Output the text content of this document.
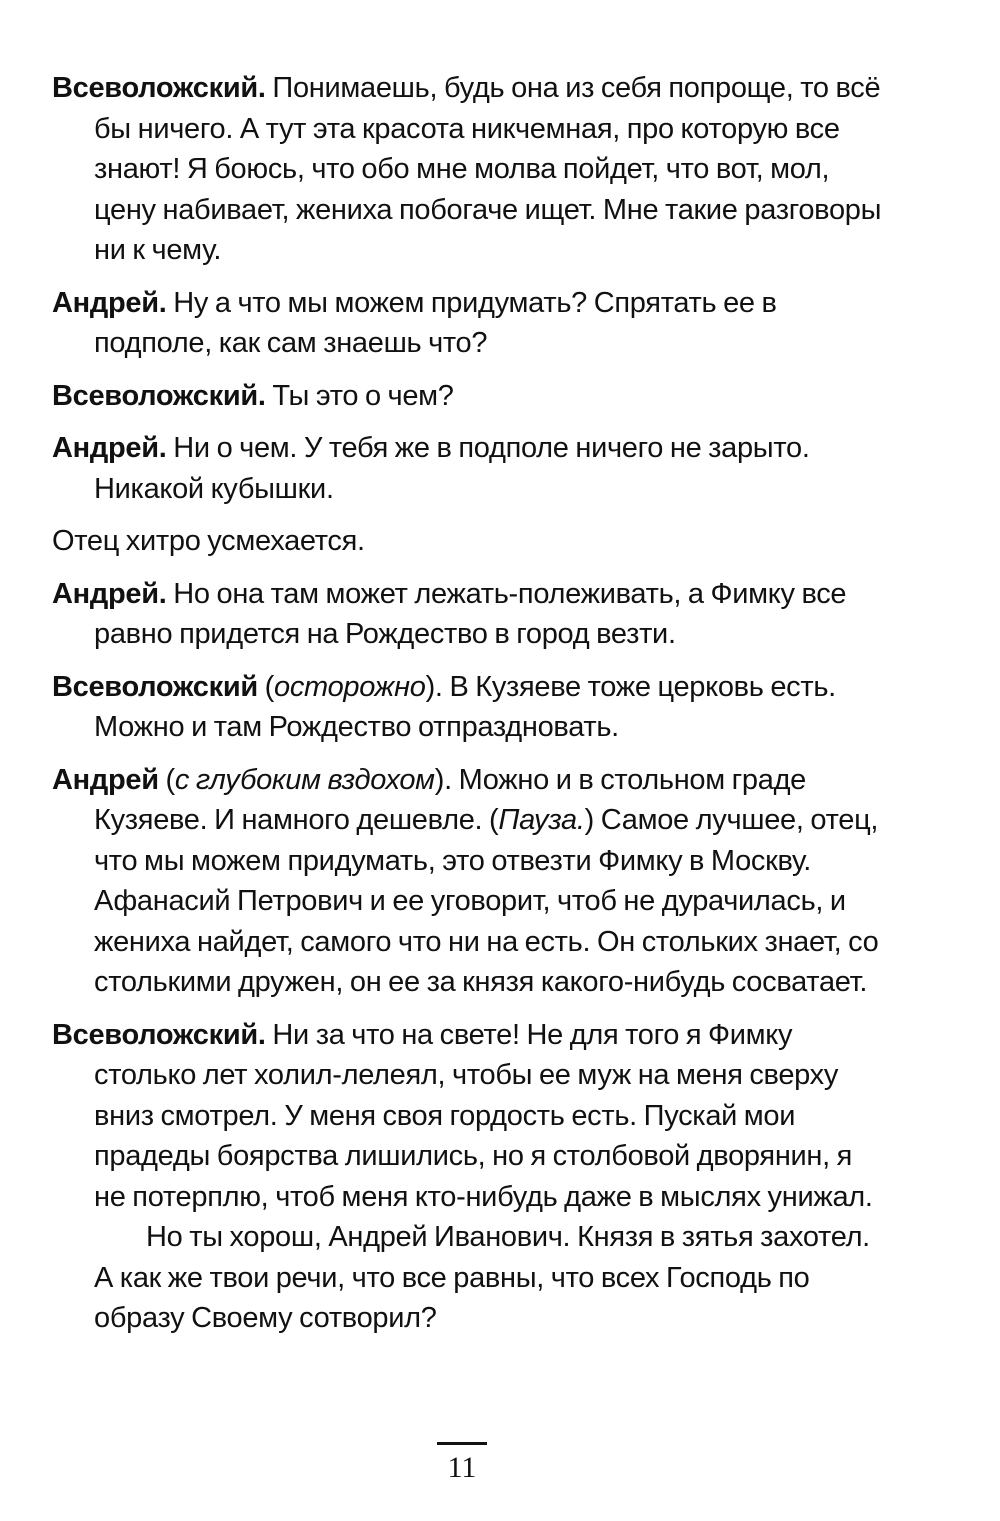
Всеволожский. Понимаешь, будь она из себя попроще, то всё бы ничего. А тут эта красота никчемная, про которую все знают! Я боюсь, что обо мне молва пойдет, что вот, мол, цену набивает, жениха побогаче ищет. Мне такие разговоры ни к чему.

Андрей. Ну а что мы можем придумать? Спрятать ее в подполе, как сам знаешь что?

Всеволожский. Ты это о чем?

Андрей. Ни о чем. У тебя же в подполе ничего не зарыто. Никакой кубышки.

Отец хитро усмехается.

Андрей. Но она там может лежать-полеживать, а Фимку все равно придется на Рождество в город везти.

Всеволожский (осторожно). В Кузяеве тоже церковь есть. Можно и там Рождество отпраздновать.

Андрей (с глубоким вздохом). Можно и в стольном граде Кузяеве. И намного дешевле. (Пауза.) Самое лучшее, отец, что мы можем придумать, это отвезти Фимку в Москву. Афанасий Петрович и ее уговорит, чтоб не дурачилась, и жениха найдет, самого что ни на есть. Он стольких знает, со столькими дружен, он ее за князя какого-нибудь сосватает.

Всеволожский. Ни за что на свете! Не для того я Фимку столько лет холил-лелеял, чтобы ее муж на меня сверху вниз смотрел. У меня своя гордость есть. Пускай мои прадеды боярства лишились, но я столбовой дворянин, я не потерплю, чтоб меня кто-нибудь даже в мыслях унижал.

Но ты хорош, Андрей Иванович. Князя в зятья захотел. А как же твои речи, что все равны, что всех Господь по образу Своему сотворил?

11
